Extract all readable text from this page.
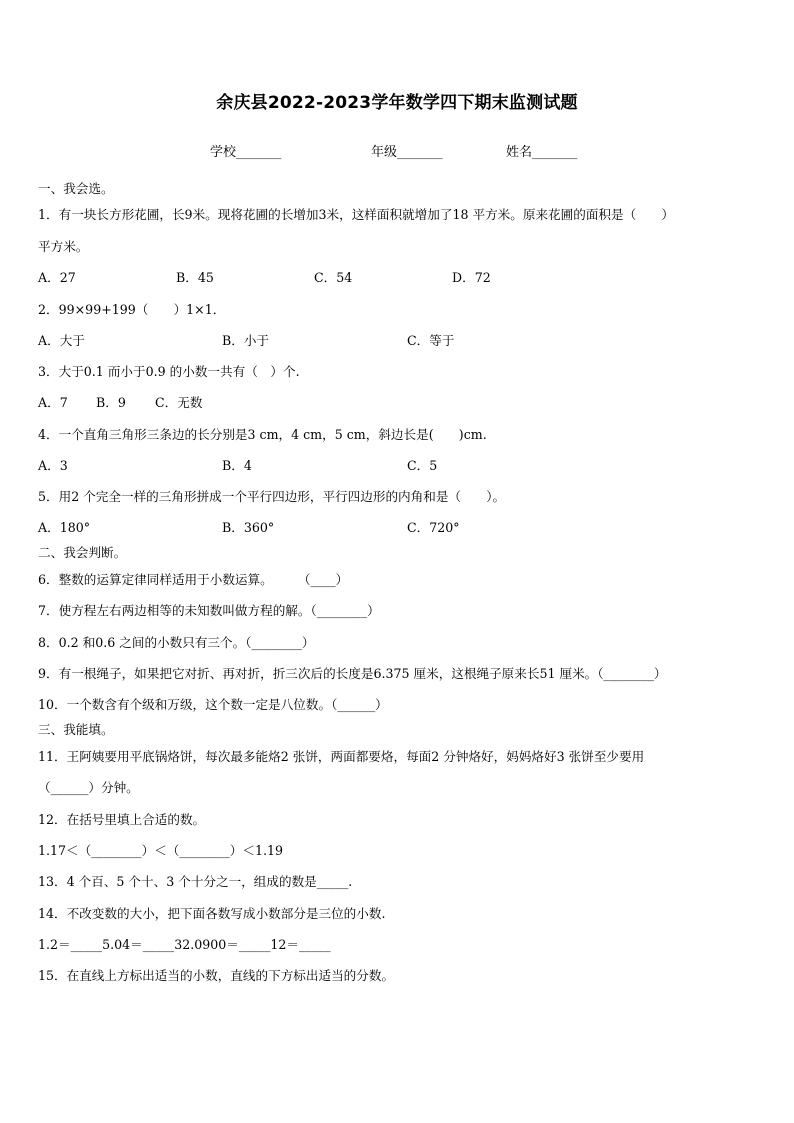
余庆县2022-2023学年数学四下期末监测试题
学校_______	年级_______	姓名_______
一、我会选。
1．有一块长方形花圃，长9米。现将花圃的长增加3米，这样面积就增加了18 平方米。原来花圃的面积是（　　）
平方米。
A．27	B．45	C．54	D．72
2．99×99+199（　　）1×1．
A．大于	B．小于	C．等于
3．大于0.1 而小于0.9 的小数一共有（　）个.
A．7 B．9 C．无数
4．一个直角三角形三条边的长分别是3 cm，4 cm，5 cm，斜边长是(　　)cm.
A．3	B．4	C．5
5．用2 个完全一样的三角形拼成一个平行四边形，平行四边形的内角和是（　　）。
A．180°	B．360°	C．720°
二、我会判断。
6．整数的运算定律同样适用于小数运算。　　　（____）
7．使方程左右两边相等的未知数叫做方程的解。（________）
8．0.2 和0.6 之间的小数只有三个。（________）
9．有一根绳子，如果把它对折、再对折，折三次后的长度是6.375 厘米，这根绳子原来长51 厘米。（________）
10．一个数含有个级和万级，这个数一定是八位数。（______）
三、我能填。
11．王阿姨要用平底锅烙饼，每次最多能烙2 张饼，两面都要烙，每面2 分钟烙好，妈妈烙好3 张饼至少要用
（______）分钟。
12．在括号里填上合适的数。
1.17＜（________）＜（________）＜1.19
13．4 个百、5 个十、3 个十分之一，组成的数是_____.
14．不改变数的大小，把下面各数写成小数部分是三位的小数.
1.2＝_____5.04＝_____32.0900＝_____12＝_____
15．在直线上方标出适当的小数，直线的下方标出适当的分数。
